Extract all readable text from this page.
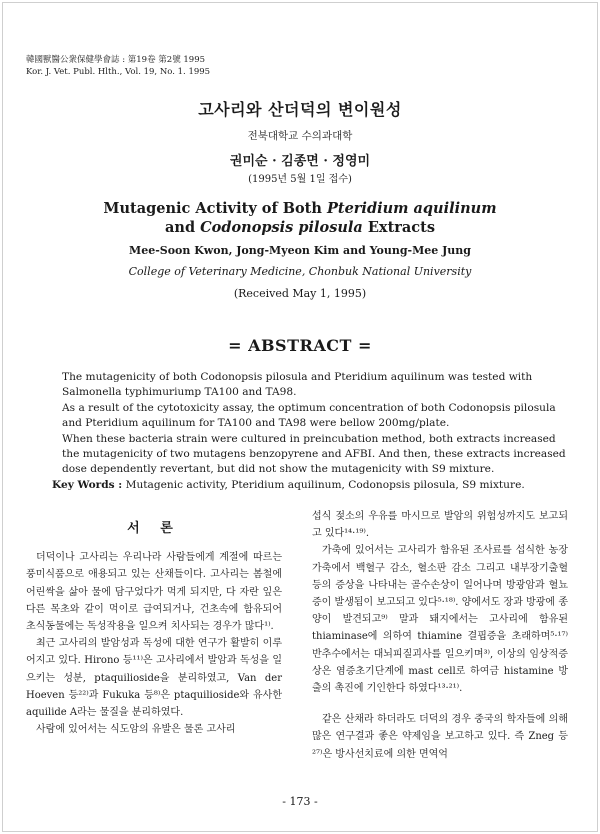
韓國獸醫公衆保健學會誌 : 第19卷 第2號 1995
Kor. J. Vet. Publ. Hlth., Vol. 19, No. 1. 1995
고사리와 산더덕의 변이원성
전북대학교 수의과대학
권미순 · 김종면 · 정영미
(1995년 5월 1일 접수)
Mutagenic Activity of Both Pteridium aquilinum
and Codonopsis pilosula Extracts
Mee-Soon Kwon, Jong-Myeon Kim and Young-Mee Jung
College of Veterinary Medicine, Chonbuk National University
(Received May 1, 1995)
= ABSTRACT =

The mutagenicity of both Codonopsis pilosula and Pteridium aquilinum was tested with Salmonella typhimuriump TA100 and TA98.

As a result of the cytotoxicity assay, the optimum concentration of both Codonopsis pilosula and Pteridium aquilinum for TA100 and TA98 were bellow 200mg/plate.

When these bacteria strain were cultured in preincubation method, both extracts increased the mutagenicity of two mutagens benzopyrene and AFBI. And then, these extracts increased dose dependently revertant, but did not show the mutagenicity with S9 mixture.

Key Words : Mutagenic activity, Pteridium aquilinum, Codonopsis pilosula, S9 mixture.

서 론

더덕이나 고사리는 우리나라 사람들에게 계절에 따르는 풍미식품으로 애용되고 있는 산채들이다. 고사리는 봄철에 어린싹을 삶아 물에 담구었다가 먹게 되지만, 다 자란 잎은 다른 목초와 같이 먹이로 급여되거나, 건초속에 함유되어 초식동물에는 독성작용을 일으켜 치사되는 경우가 많다¹⁾.

최근 고사리의 발암성과 독성에 대한 연구가 활발히 이루어지고 있다. Hirono 등¹¹⁾은 고사리에서 발암과 독성을 일으키는 성분, ptaquilioside을 분리하였고, Van der Hoeven 등²²⁾과 Fukuka 등⁸⁾은 ptaquilioside와 유사한 aquilide A라는 물질을 분리하였다.

사람에 있어서는 식도암의 유발은 물론 고사리

섭식 젖소의 우유를 마시므로 발암의 위험성까지도 보고되고 있다¹⁴·¹⁹⁾.

가축에 있어서는 고사리가 함유된 조사료를 섭식한 농장가축에서 백혈구 감소, 혈소판 감소 그리고 내부장기출혈 등의 증상을 나타내는 골수손상이 일어나며 방광암과 혈뇨증이 발생됨이 보고되고 있다⁵·¹⁸⁾. 양에서도 장과 방광에 종양이 발견되고⁹⁾ 말과 돼지에서는 고사리에 함유된 thiaminase에 의하여 thiamine 결핍증을 초래하며⁵·¹⁷⁾ 반추수에서는 대뇌피질괴사를 일으키며³⁾, 이상의 임상적증상은 염증초기단계에 mast cell로 하여금 histamine 방출의 촉진에 기인한다 하였다¹³·²¹⁾.

같은 산채라 하더라도 더덕의 경우 중국의 학자들에 의해 많은 연구결과 좋은 약제임을 보고하고 있다. 즉 Zneg 등²⁷⁾은 방사선치료에 의한 면역억

- 173 -
